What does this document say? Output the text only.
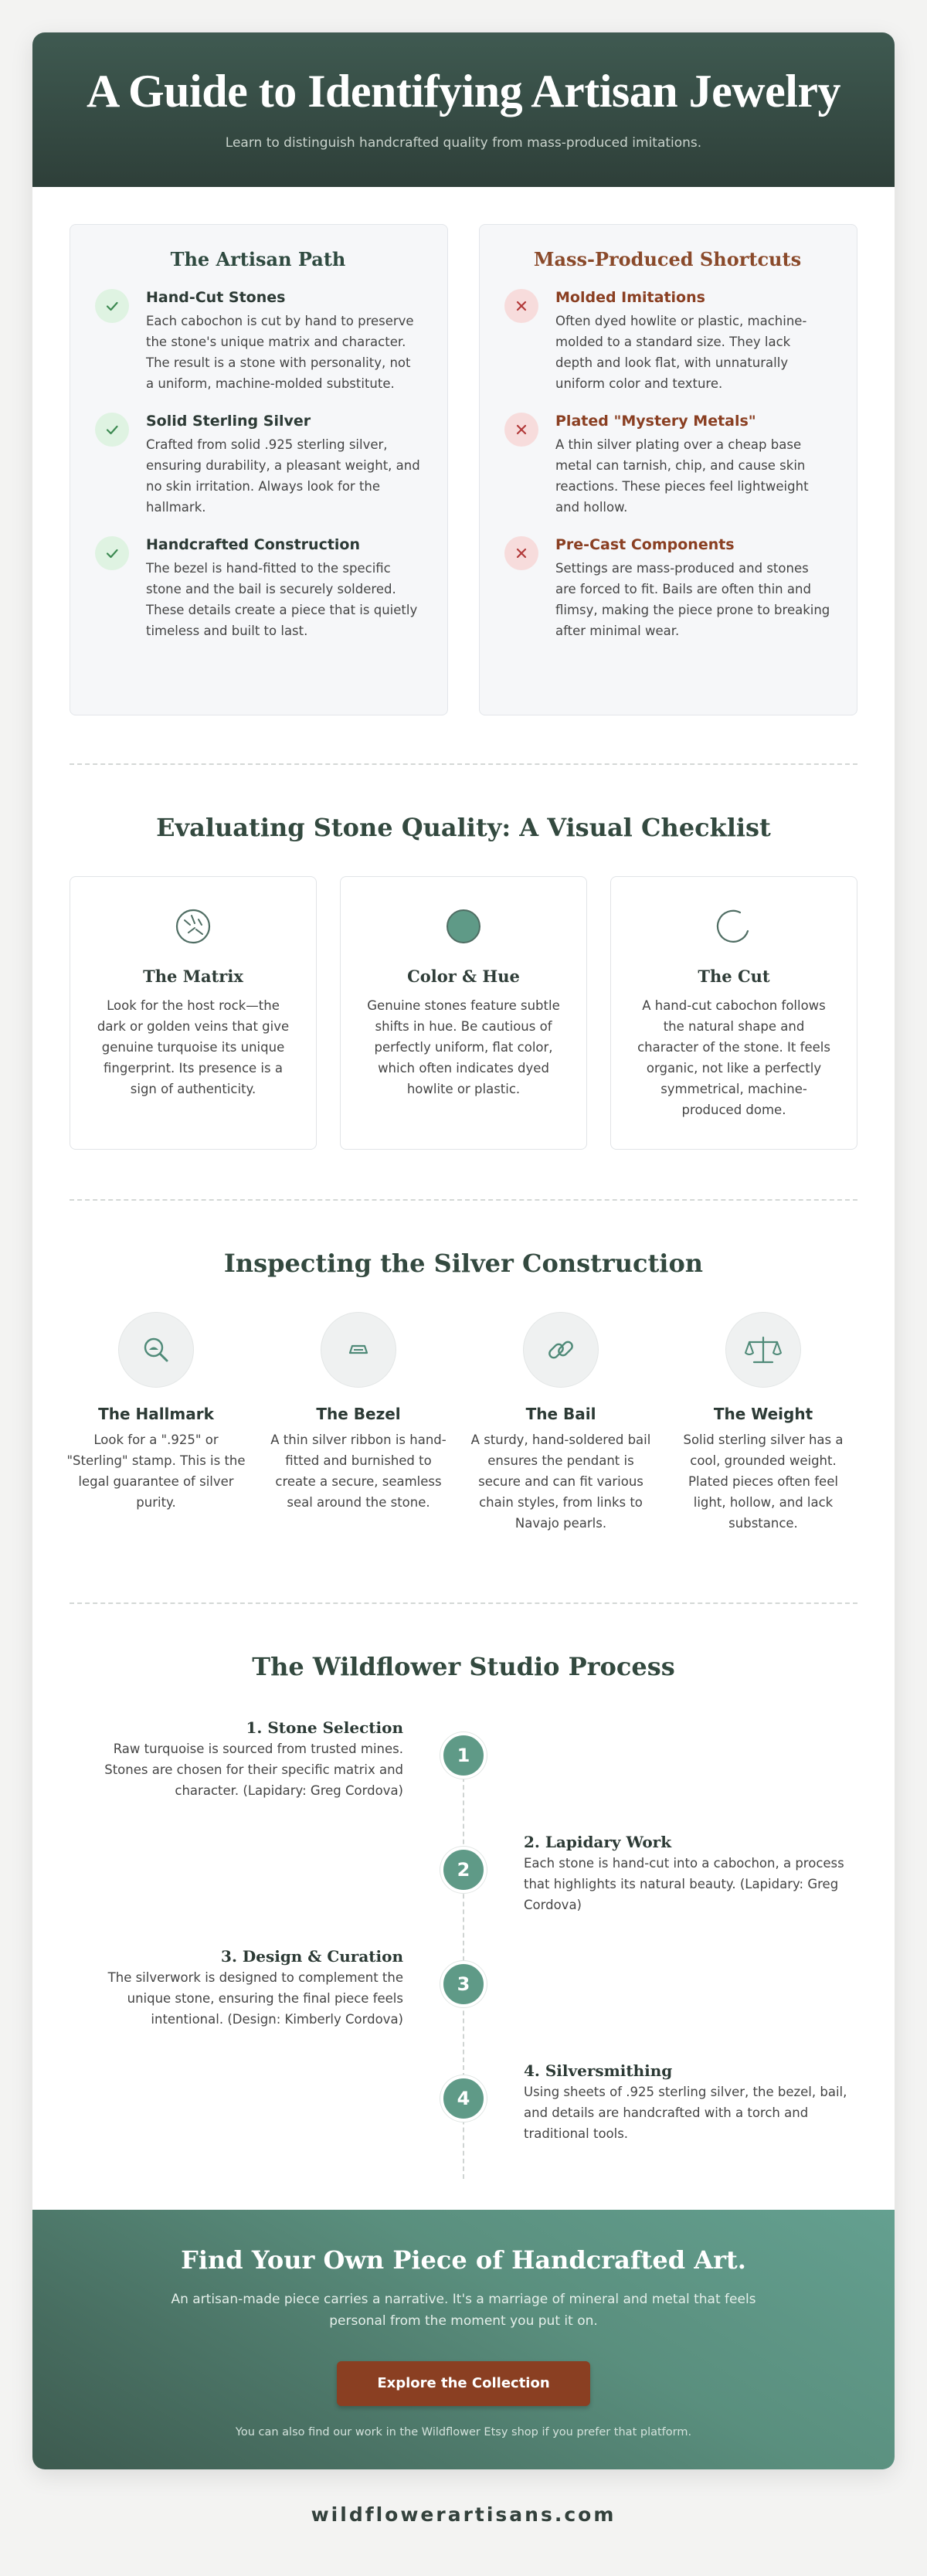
A Guide to Identifying Artisan Jewelry

Learn to distinguish handcrafted quality from mass-produced imitations.

The Artisan Path
Hand-Cut Stones

Each cabochon is cut by hand to preserve the stone's unique matrix and character. The result is a stone with personality, not a uniform, machine-molded substitute.

Solid Sterling Silver

Crafted from solid .925 sterling silver, ensuring durability, a pleasant weight, and no skin irritation. Always look for the hallmark.

Handcrafted Construction

The bezel is hand-fitted to the specific stone and the bail is securely soldered. These details create a piece that is quietly timeless and built to last.

Mass-Produced Shortcuts
Molded Imitations

Often dyed howlite or plastic, machine-molded to a standard size. They lack depth and look flat, with unnaturally uniform color and texture.

Plated "Mystery Metals"

A thin silver plating over a cheap base metal can tarnish, chip, and cause skin reactions. These pieces feel lightweight and hollow.

Pre-Cast Components

Settings are mass-produced and stones are forced to fit. Bails are often thin and flimsy, making the piece prone to breaking after minimal wear.

Evaluating Stone Quality: A Visual Checklist
The Matrix

Look for the host rock—the dark or golden veins that give genuine turquoise its unique fingerprint. Its presence is a sign of authenticity.

Color & Hue

Genuine stones feature subtle shifts in hue. Be cautious of perfectly uniform, flat color, which often indicates dyed howlite or plastic.

The Cut

A hand-cut cabochon follows the natural shape and character of the stone. It feels organic, not like a perfectly symmetrical, machine-produced dome.

Inspecting the Silver Construction
The Hallmark

Look for a ".925" or "Sterling" stamp. This is the legal guarantee of silver purity.

The Bezel

A thin silver ribbon is hand-fitted and burnished to create a secure, seamless seal around the stone.

The Bail

A sturdy, hand-soldered bail ensures the pendant is secure and can fit various chain styles, from links to Navajo pearls.

The Weight

Solid sterling silver has a cool, grounded weight. Plated pieces often feel light, hollow, and lack substance.

The Wildflower Studio Process
1
1. Stone Selection

Raw turquoise is sourced from trusted mines. Stones are chosen for their specific matrix and character. (Lapidary: Greg Cordova)

2
2. Lapidary Work

Each stone is hand-cut into a cabochon, a process that highlights its natural beauty. (Lapidary: Greg Cordova)

3
3. Design & Curation

The silverwork is designed to complement the unique stone, ensuring the final piece feels intentional. (Design: Kimberly Cordova)

4
4. Silversmithing

Using sheets of .925 sterling silver, the bezel, bail, and details are handcrafted with a torch and traditional tools.

Find Your Own Piece of Handcrafted Art.

An artisan-made piece carries a narrative. It's a marriage of mineral and metal that feels personal from the moment you put it on.

Explore the Collection

You can also find our work in the Wildflower Etsy shop if you prefer that platform.

wildflowerartisans.com
